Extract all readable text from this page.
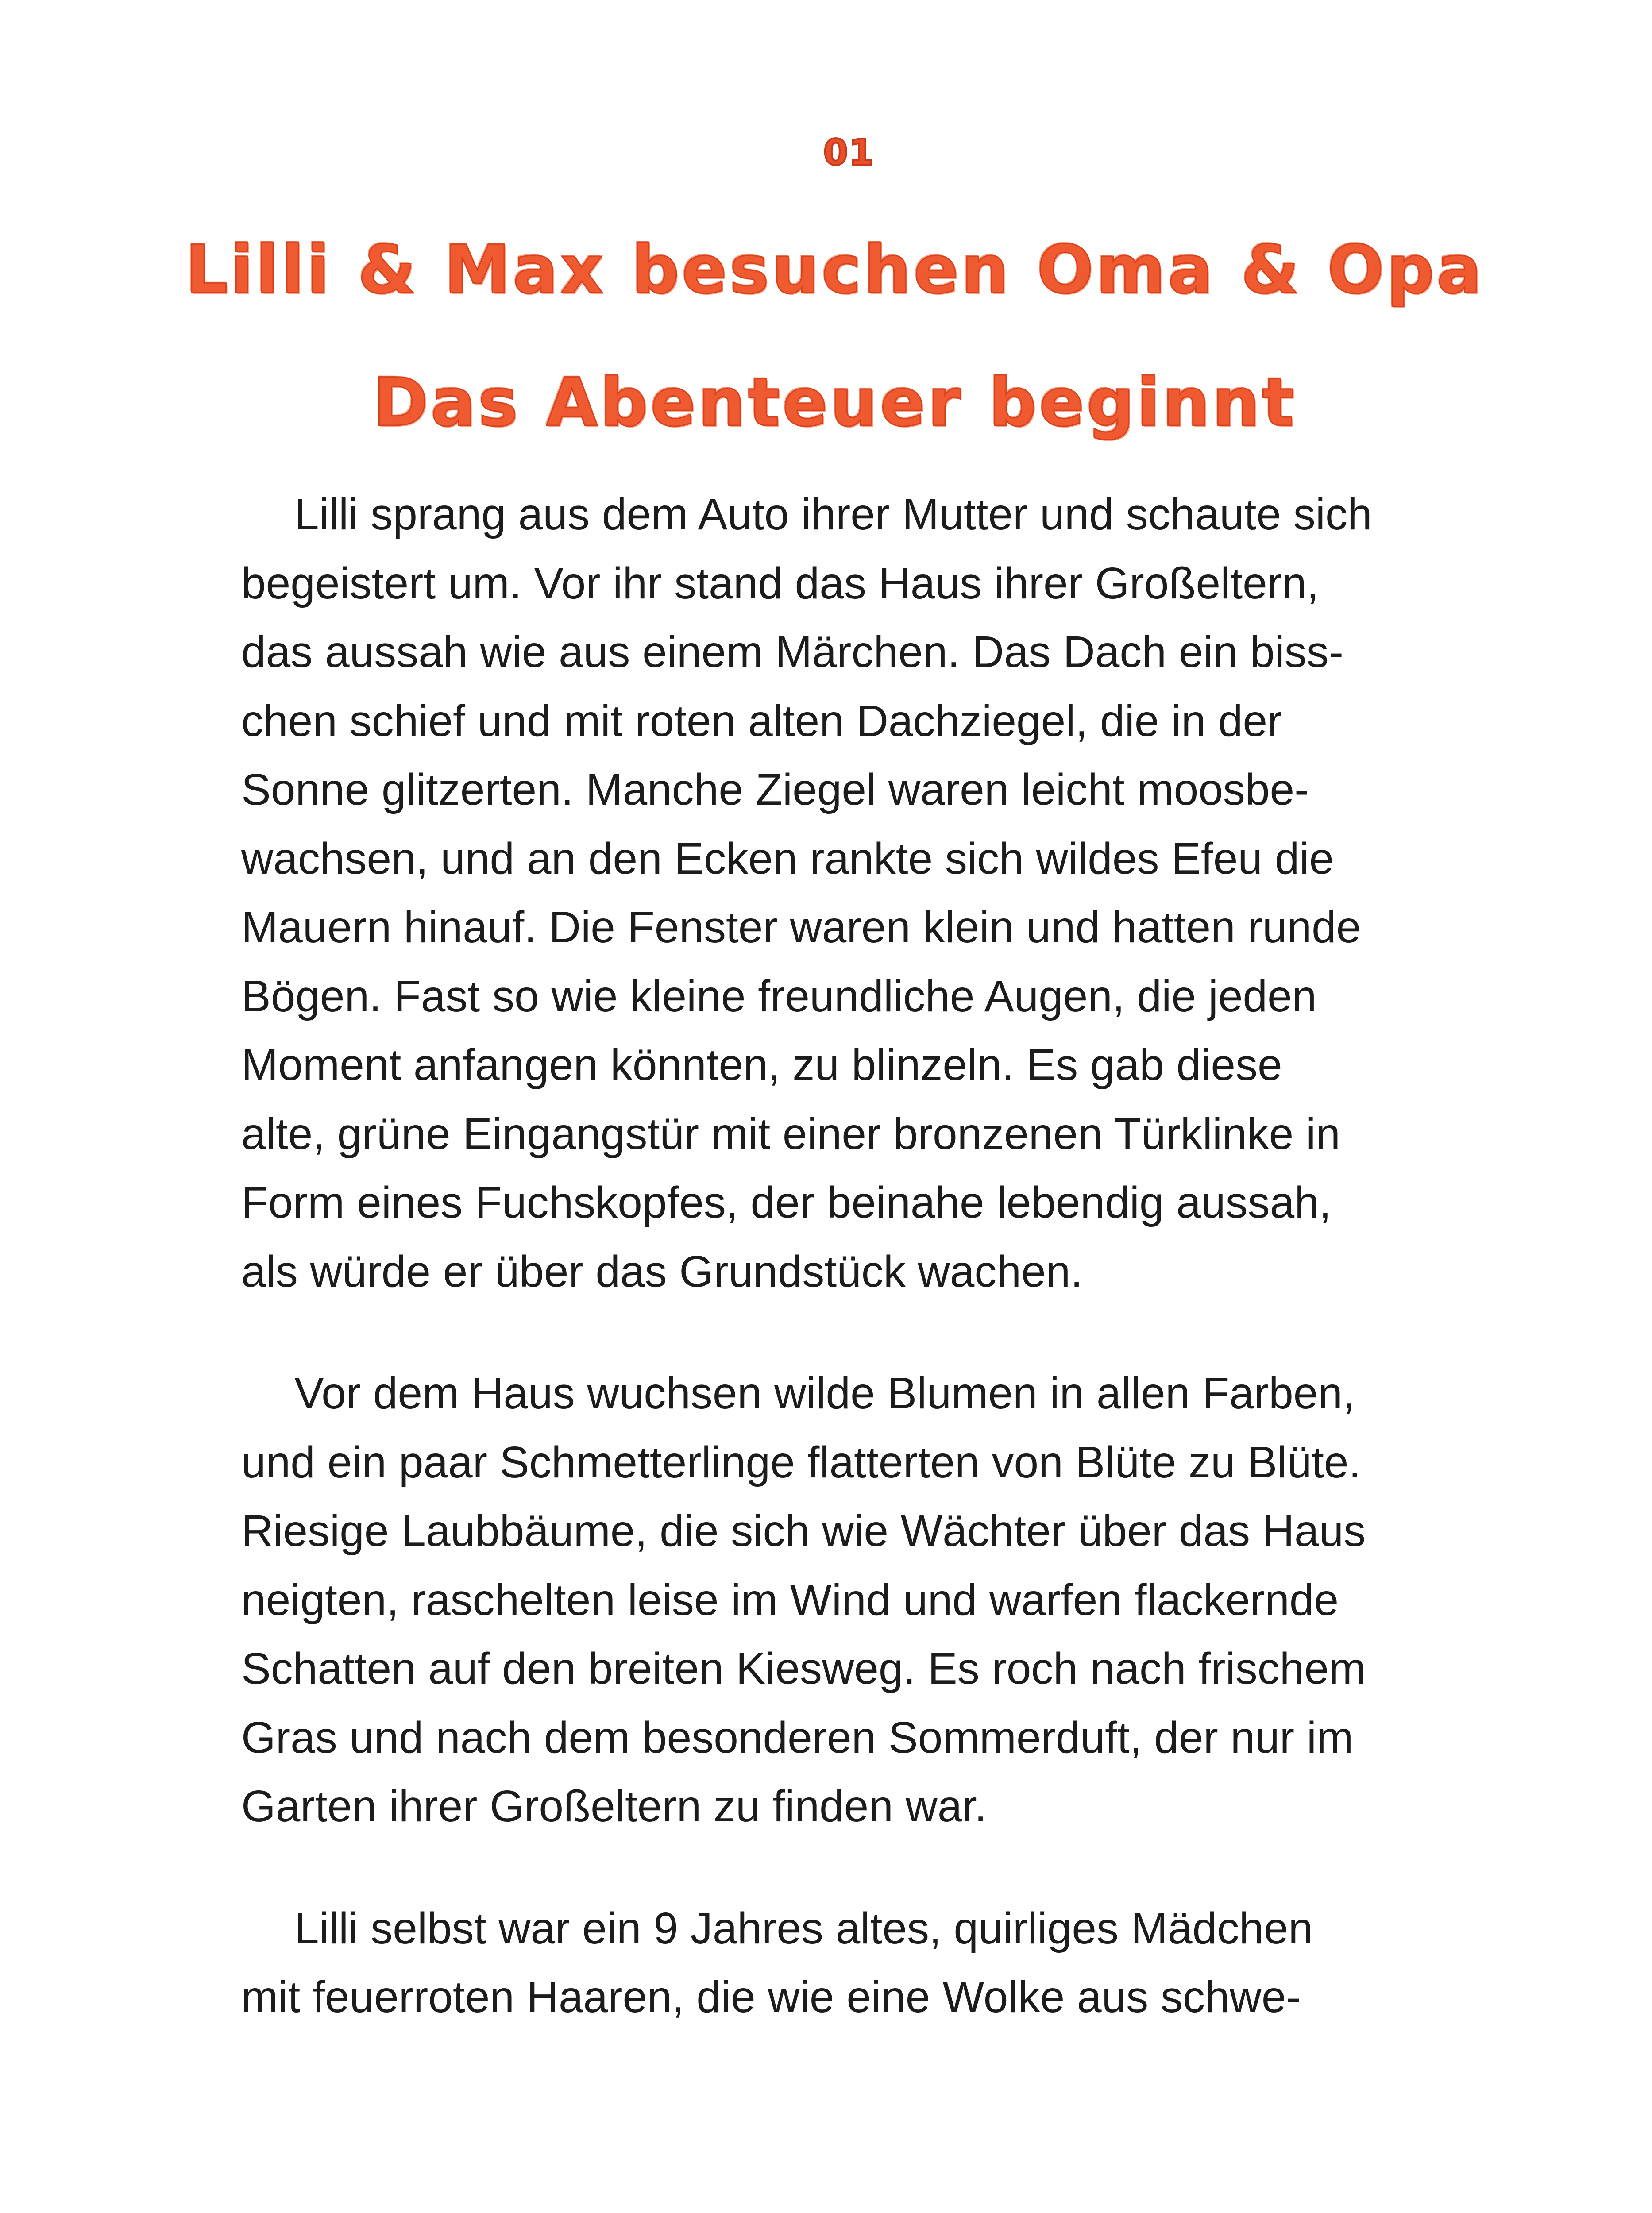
01
Lilli & Max besuchen Oma & Opa
Das Abenteuer beginnt
Lilli sprang aus dem Auto ihrer Mutter und schaute sich
begeistert um. Vor ihr stand das Haus ihrer Großeltern,
das aussah wie aus einem Märchen. Das Dach ein biss-
chen schief und mit roten alten Dachziegel, die in der
Sonne glitzerten. Manche Ziegel waren leicht moosbe-
wachsen, und an den Ecken rankte sich wildes Efeu die
Mauern hinauf. Die Fenster waren klein und hatten runde
Bögen. Fast so wie kleine freundliche Augen, die jeden
Moment anfangen könnten, zu blinzeln. Es gab diese
alte, grüne Eingangstür mit einer bronzenen Türklinke in
Form eines Fuchskopfes, der beinahe lebendig aussah,
als würde er über das Grundstück wachen.
Vor dem Haus wuchsen wilde Blumen in allen Farben,
und ein paar Schmetterlinge flatterten von Blüte zu Blüte.
Riesige Laubbäume, die sich wie Wächter über das Haus
neigten, raschelten leise im Wind und warfen flackernde
Schatten auf den breiten Kiesweg. Es roch nach frischem
Gras und nach dem besonderen Sommerduft, der nur im
Garten ihrer Großeltern zu finden war.
Lilli selbst war ein 9 Jahres altes, quirliges Mädchen
mit feuerroten Haaren, die wie eine Wolke aus schwe-
